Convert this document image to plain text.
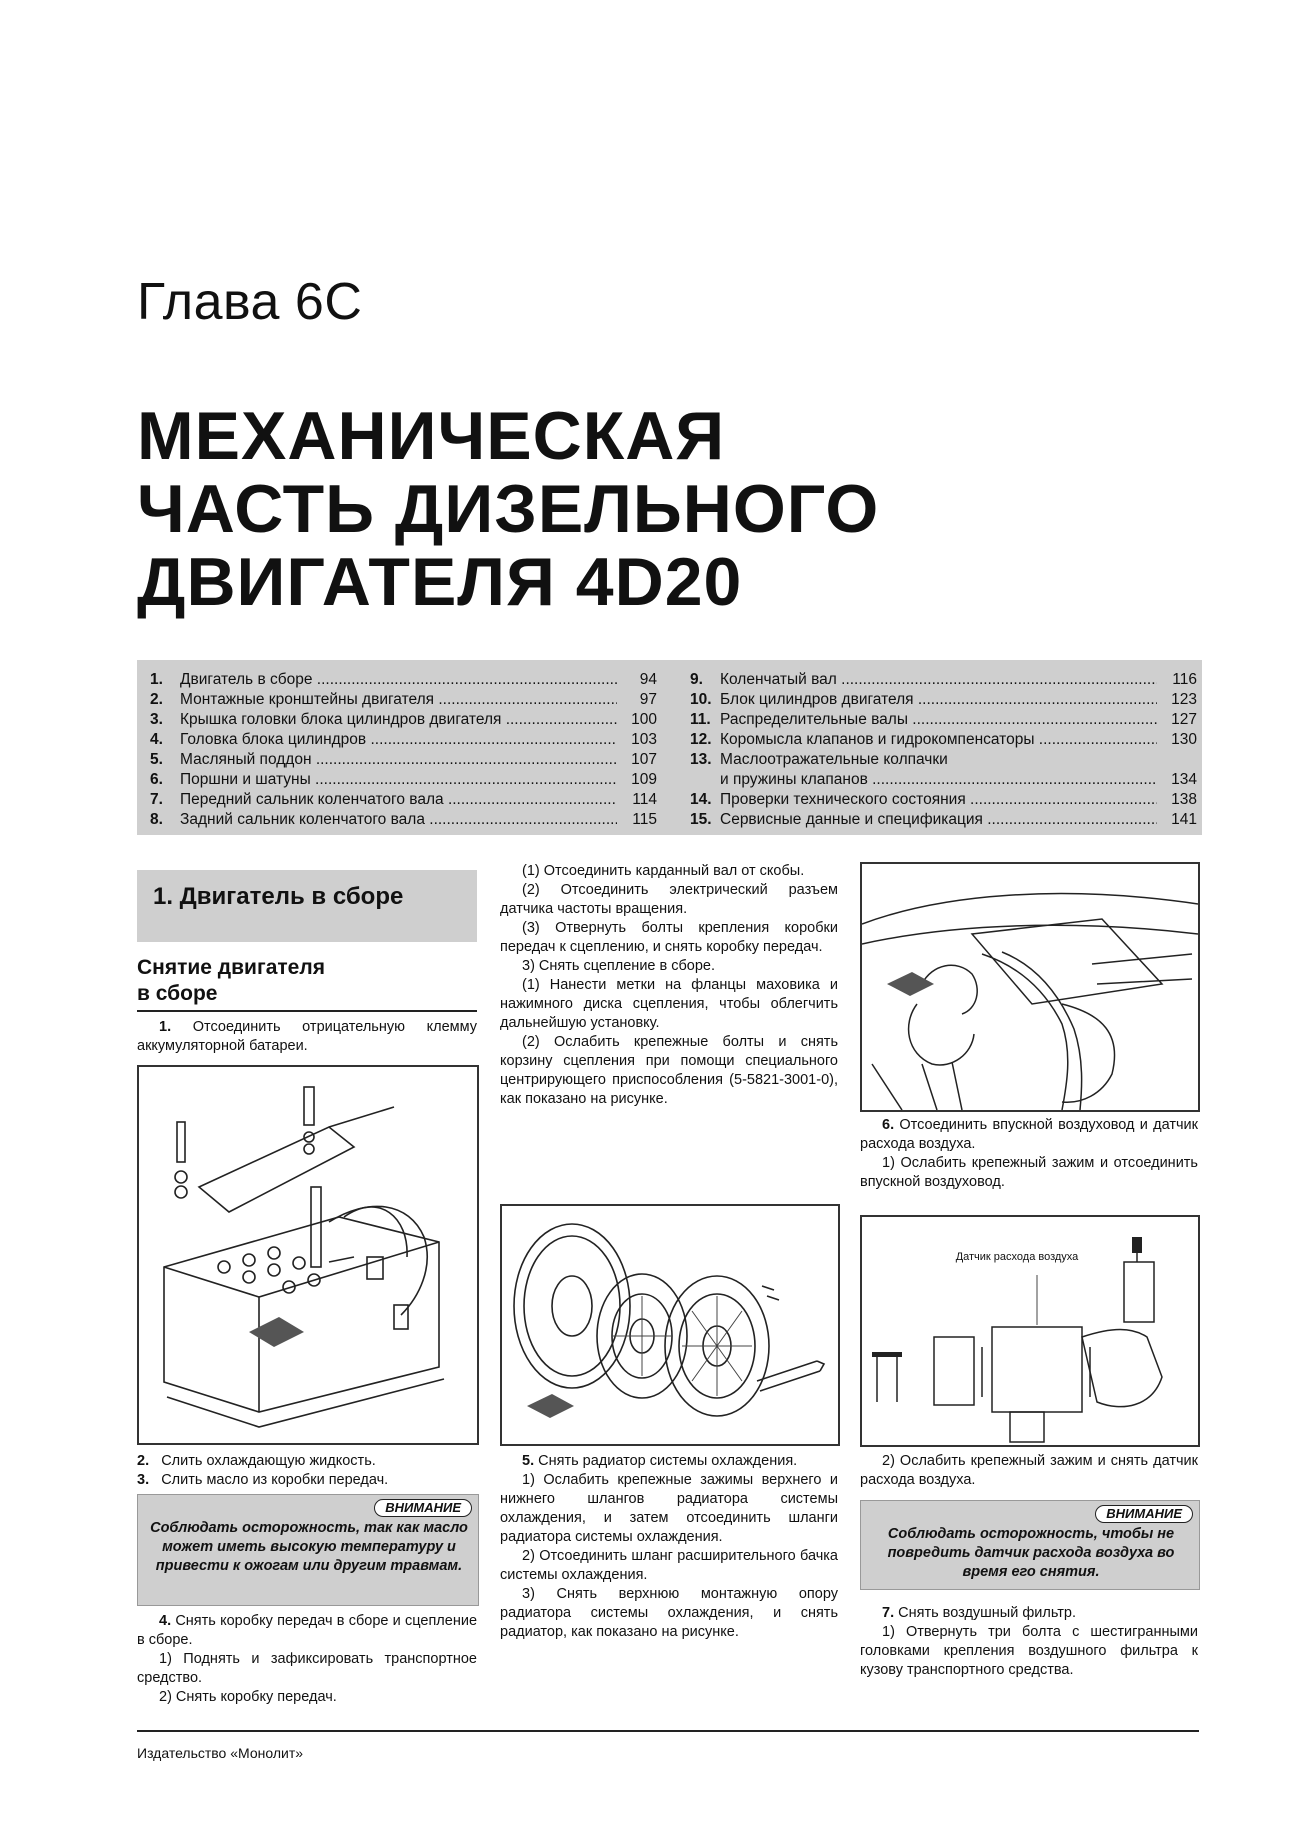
Глава 6C
МЕХАНИЧЕСКАЯ
ЧАСТЬ ДИЗЕЛЬНОГО
ДВИГАТЕЛЯ 4D20
1.	Двигатель в сборе .....	94
2.	Монтажные кронштейны двигателя .....	97
3.	Крышка головки блока цилиндров двигателя .....	100
4.	Головка блока цилиндров .....	103
5.	Масляный поддон .....	107
6.	Поршни и шатуны .....	109
7.	Передний сальник коленчатого вала .....	114
8.	Задний сальник коленчатого вала .....	115
9.	Коленчатый вал .....	116
10. Блок цилиндров двигателя .....	123
11. Распределительные валы .....	127
12. Коромысла клапанов и гидрокомпенсаторы .....	130
13. Маслоотражательные колпачки
и пружины клапанов .....	134
14. Проверки технического состояния .....	138
15. Сервисные данные и спецификация .....	141
1. Двигатель в сборе
Снятие двигателя
в сборе

1. Отсоединить отрицательную клемму аккумуляторной батареи.

2. Слить охлаждающую жидкость.

3. Слить масло из коробки передач.

ВНИМАНИЕ
Соблюдать осторожность, так как масло может иметь высокую температуру и привести к ожогам или другим травмам.

4. Снять коробку передач в сборе и сцепление в сборе.

1) Поднять и зафиксировать транспортное средство.

2) Снять коробку передач.

(1) Отсоединить карданный вал от скобы.

(2) Отсоединить электрический разъем датчика частоты вращения.

(3) Отвернуть болты крепления коробки передач к сцеплению, и снять коробку передач.

3) Снять сцепление в сборе.

(1) Нанести метки на фланцы маховика и нажимного диска сцепления, чтобы облегчить дальнейшую установку.

(2) Ослабить крепежные болты и снять корзину сцепления при помощи специального центрирующего приспособления (5-5821-3001-0), как показано на рисунке.

5. Снять радиатор системы охлаждения.

1) Ослабить крепежные зажимы верхнего и нижнего шлангов радиатора системы охлаждения, и затем отсоединить шланги радиатора системы охлаждения.

2) Отсоединить шланг расширительного бачка системы охлаждения.

3) Снять верхнюю монтажную опору радиатора системы охлаждения, и снять радиатор, как показано на рисунке.

6. Отсоединить впускной воздуховод и датчик расхода воздуха.

1) Ослабить крепежный зажим и отсоединить впускной воздуховод.

Датчик расхода воздуха

2) Ослабить крепежный зажим и снять датчик расхода воздуха.

ВНИМАНИЕ
Соблюдать осторожность, чтобы не повредить датчик расхода воздуха во время его снятия.

7. Снять воздушный фильтр.

1) Отвернуть три болта с шестигранными головками крепления воздушного фильтра к кузову транспортного средства.

Издательство «Монолит»
